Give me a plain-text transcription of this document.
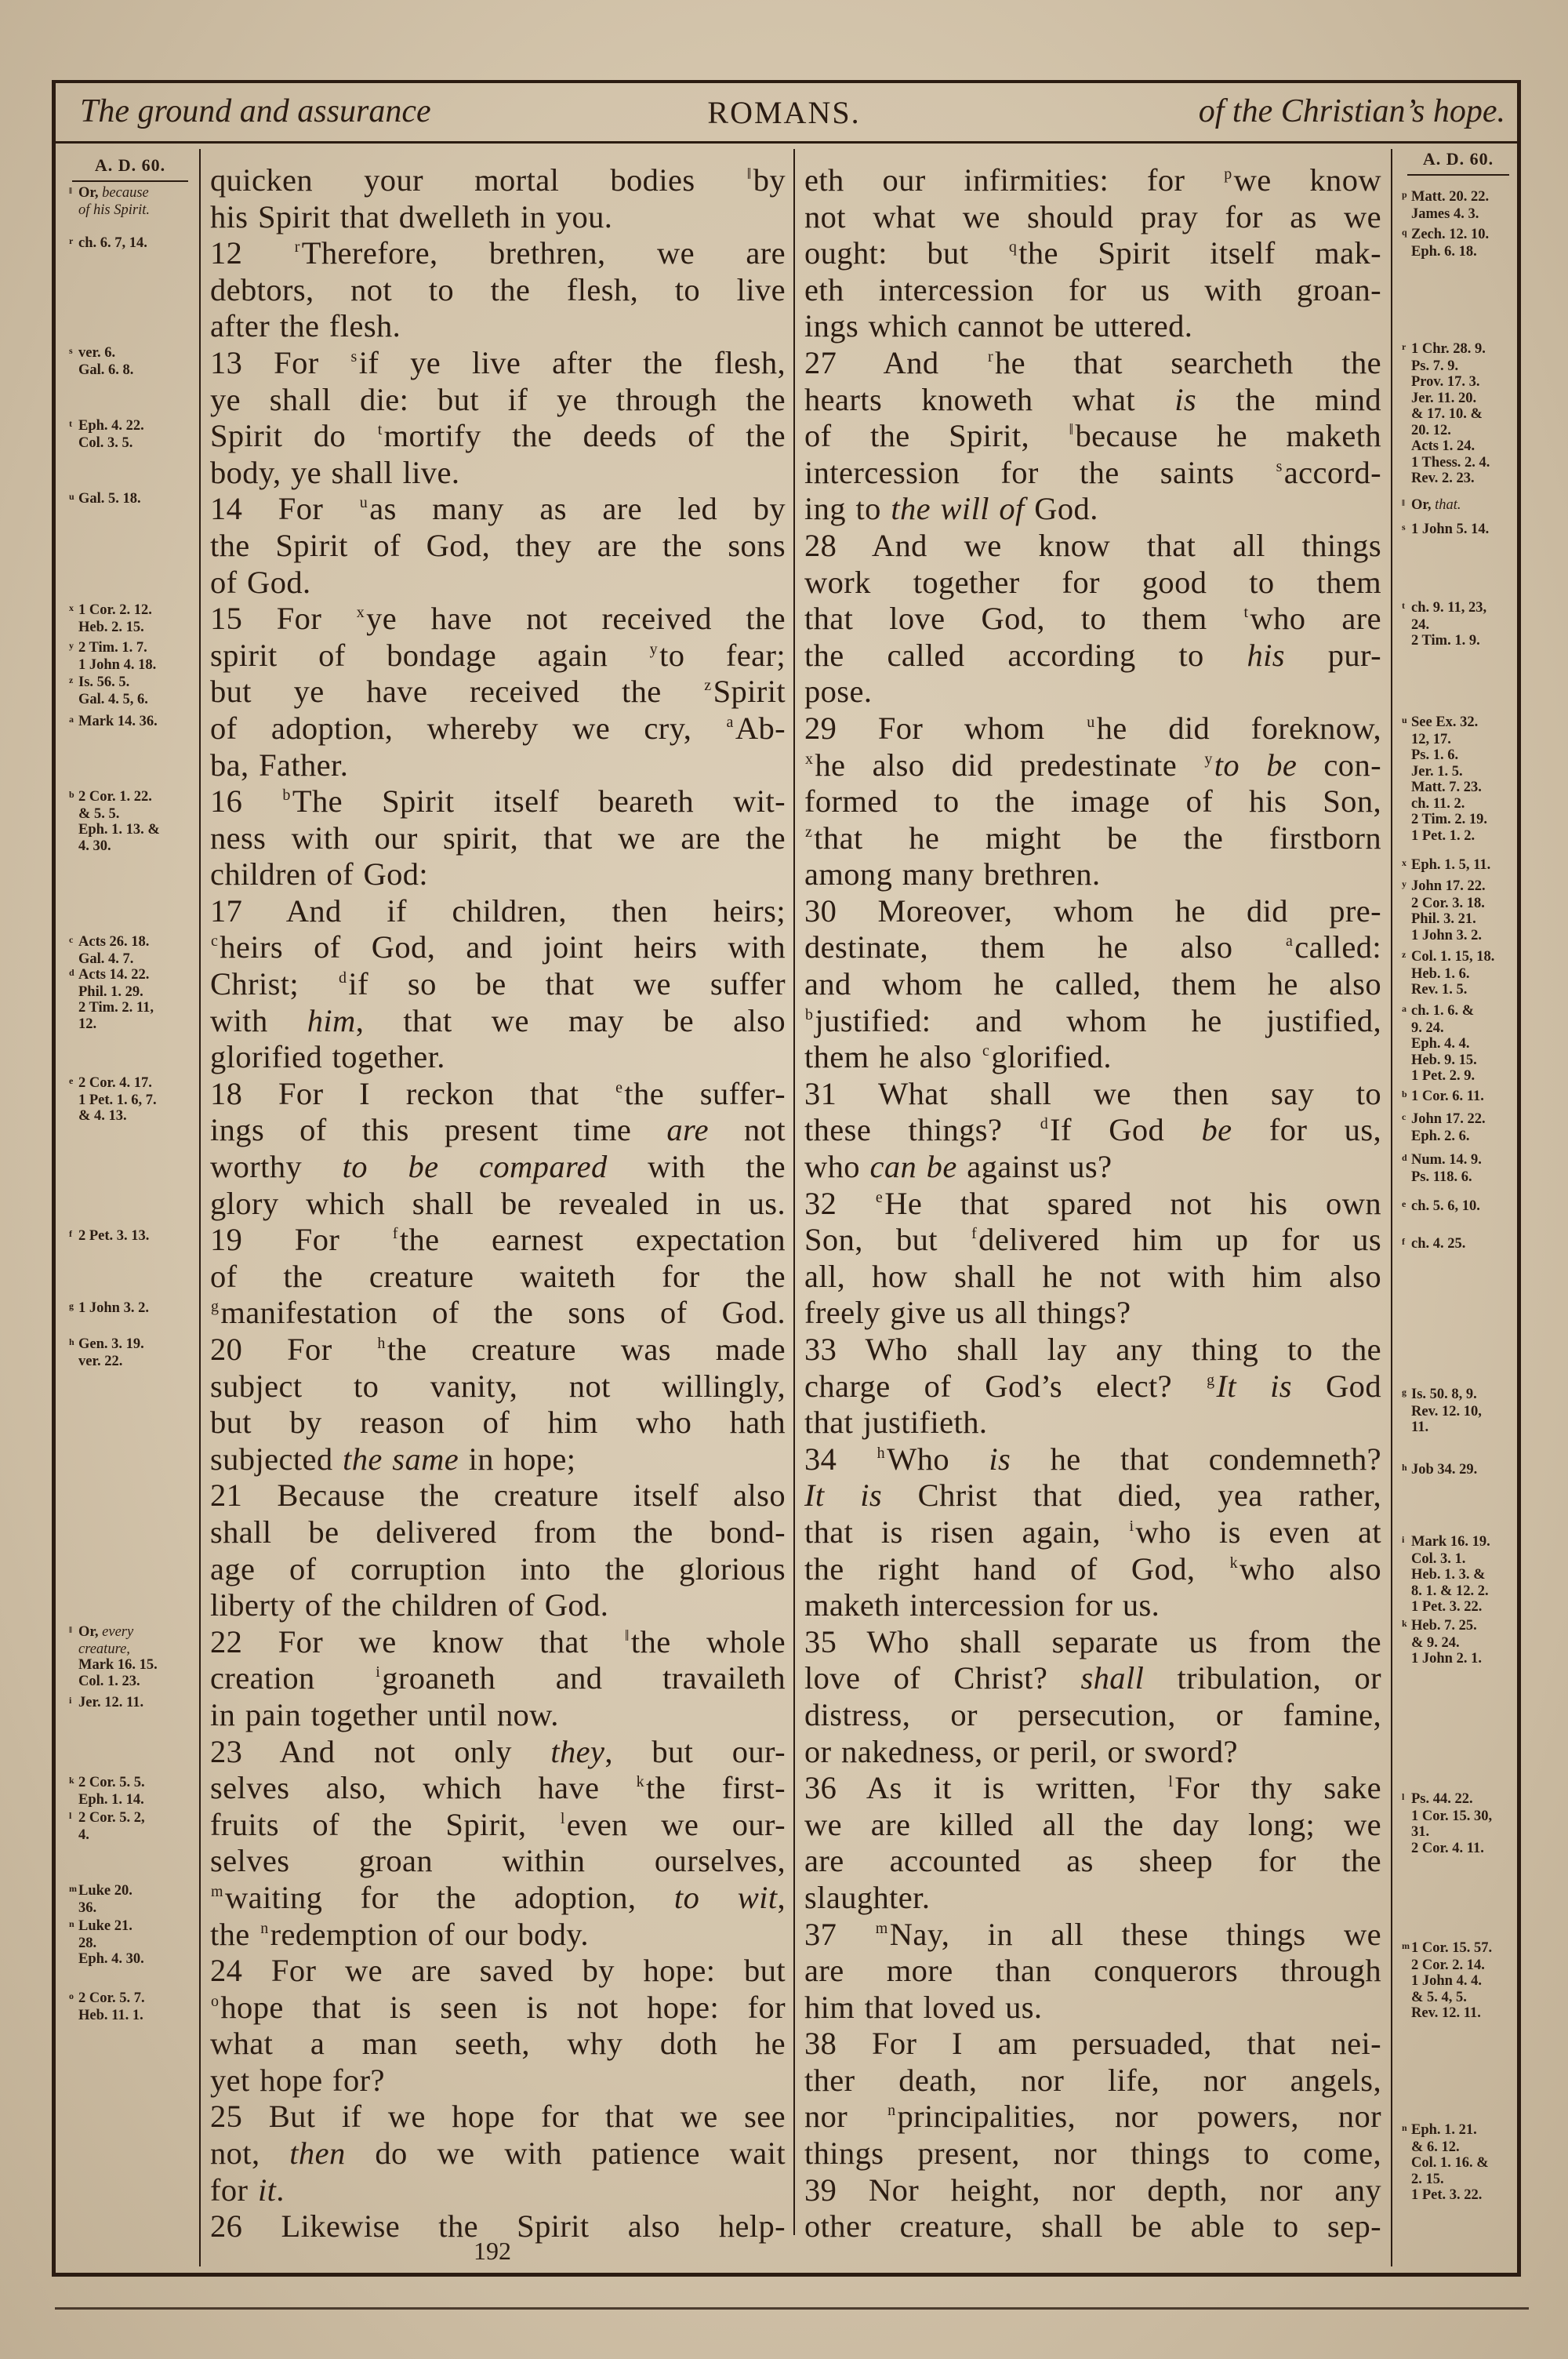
The ground and assurance	ROMANS.	of the Christian’s hope.
A. D. 60.	A. D. 60.
‖ Or, because
of his Spirit.
r ch. 6. 7, 14.
s ver. 6.
Gal. 6. 8.
t Eph. 4. 22.
Col. 3. 5.
u Gal. 5. 18.
x 1 Cor. 2. 12.
Heb. 2. 15.
y 2 Tim. 1. 7.
1 John 4. 18.
z Is. 56. 5.
Gal. 4. 5, 6.
a Mark 14. 36.
b 2 Cor. 1. 22.
& 5. 5.
Eph. 1. 13. &
4. 30.
c Acts 26. 18.
Gal. 4. 7.
d Acts 14. 22.
Phil. 1. 29.
2 Tim. 2. 11,
12.
e 2 Cor. 4. 17.
1 Pet. 1. 6, 7.
& 4. 13.
f 2 Pet. 3. 13.
g 1 John 3. 2.
h Gen. 3. 19.
ver. 22.
‖ Or, every
creature,
Mark 16. 15.
Col. 1. 23.
i Jer. 12. 11.
k 2 Cor. 5. 5.
Eph. 1. 14.
l 2 Cor. 5. 2,
4.
m Luke 20.
36.
n Luke 21.
28.
Eph. 4. 30.
o 2 Cor. 5. 7.
Heb. 11. 1.
p Matt. 20. 22.
James 4. 3.
q Zech. 12. 10.
Eph. 6. 18.
r 1 Chr. 28. 9.
Ps. 7. 9.
Prov. 17. 3.
Jer. 11. 20.
& 17. 10. &
20. 12.
Acts 1. 24.
1 Thess. 2. 4.
Rev. 2. 23.
‖ Or, that.
s 1 John 5. 14.
t ch. 9. 11, 23,
24.
2 Tim. 1. 9.
u See Ex. 32.
12, 17.
Ps. 1. 6.
Jer. 1. 5.
Matt. 7. 23.
ch. 11. 2.
2 Tim. 2. 19.
1 Pet. 1. 2.
x Eph. 1. 5, 11.
y John 17. 22.
2 Cor. 3. 18.
Phil. 3. 21.
1 John 3. 2.
z Col. 1. 15, 18.
Heb. 1. 6.
Rev. 1. 5.
a ch. 1. 6. &
9. 24.
Eph. 4. 4.
Heb. 9. 15.
1 Pet. 2. 9.
b 1 Cor. 6. 11.
c John 17. 22.
Eph. 2. 6.
d Num. 14. 9.
Ps. 118. 6.
e ch. 5. 6, 10.
f ch. 4. 25.
g Is. 50. 8, 9.
Rev. 12. 10,
11.
h Job 34. 29.
i Mark 16. 19.
Col. 3. 1.
Heb. 1. 3. &
8. 1. & 12. 2.
1 Pet. 3. 22.
k Heb. 7. 25.
& 9. 24.
1 John 2. 1.
l Ps. 44. 22.
1 Cor. 15. 30,
31.
2 Cor. 4. 11.
m 1 Cor. 15. 57.
2 Cor. 2. 14.
1 John 4. 4.
& 5. 4, 5.
Rev. 12. 11.
n Eph. 1. 21.
& 6. 12.
Col. 1. 16. &
2. 15.
1 Pet. 3. 22.
quicken your mortal bodies ‖by
his Spirit that dwelleth in you.
12 $^r$Therefore, brethren, we are
debtors, not to the flesh, to live
after the flesh.
13 For $^s$if ye live after the flesh,
ye shall die: but if ye through the
Spirit do $^t$mortify the deeds of the
body, ye shall live.
14 For $^u$as many as are led by
the Spirit of God, they are the sons
of God.
15 For $^x$ye have not received the
spirit of bondage again $^y$to fear;
but ye have received the $^z$Spirit
of adoption, whereby we cry, $^a$Ab-
ba, Father.
16 $^b$The Spirit itself beareth wit-
ness with our spirit, that we are the
children of God:
17 And if children, then heirs;
$^c$heirs of God, and joint heirs with
Christ; $^d$if so be that we suffer
with him, that we may be also
glorified together.
18 For I reckon that $^e$the suffer-
ings of this present time are not
worthy to be compared with the
glory which shall be revealed in us.
19 For $^f$the earnest expectation
of the creature waiteth for the
$^g$manifestation of the sons of God.
20 For $^h$the creature was made
subject to vanity, not willingly,
but by reason of him who hath
subjected the same in hope;
21 Because the creature itself also
shall be delivered from the bond-
age of corruption into the glorious
liberty of the children of God.
22 For we know that ‖the whole
creation $^i$groaneth and travaileth
in pain together until now.
23 And not only they, but our-
selves also, which have $^k$the first-
fruits of the Spirit, $^l$even we our-
selves groan within ourselves,
$^m$waiting for the adoption, to wit,
the $^n$redemption of our body.
24 For we are saved by hope: but
$^o$hope that is seen is not hope: for
what a man seeth, why doth he
yet hope for?
25 But if we hope for that we see
not, then do we with patience wait
for it.
26 Likewise the Spirit also help-
eth our infirmities: for $^p$we know
not what we should pray for as we
ought: but $^q$the Spirit itself mak-
eth intercession for us with groan-
ings which cannot be uttered.
27 And $^r$he that searcheth the
hearts knoweth what is the mind
of the Spirit, ‖because he maketh
intercession for the saints $^s$accord-
ing to the will of God.
28 And we know that all things
work together for good to them
that love God, to them $^t$who are
the called according to his pur-
pose.
29 For whom $^u$he did foreknow,
$^x$he also did predestinate $^y$to be con-
formed to the image of his Son,
$^z$that he might be the firstborn
among many brethren.
30 Moreover, whom he did pre-
destinate, them he also $^a$called:
and whom he called, them he also
$^b$justified: and whom he justified,
them he also $^c$glorified.
31 What shall we then say to
these things? $^d$If God be for us,
who can be against us?
32 $^e$He that spared not his own
Son, but $^f$delivered him up for us
all, how shall he not with him also
freely give us all things?
33 Who shall lay any thing to the
charge of God’s elect? $^g$It is God
that justifieth.
34 $^h$Who is he that condemneth?
It is Christ that died, yea rather,
that is risen again, $^i$who is even at
the right hand of God, $^k$who also
maketh intercession for us.
35 Who shall separate us from the
love of Christ? shall tribulation, or
distress, or persecution, or famine,
or nakedness, or peril, or sword?
36 As it is written, $^l$For thy sake
we are killed all the day long; we
are accounted as sheep for the
slaughter.
37 $^m$Nay, in all these things we
are more than conquerors through
him that loved us.
38 For I am persuaded, that nei-
ther death, nor life, nor angels,
nor $^n$principalities, nor powers, nor
things present, nor things to come,
39 Nor height, nor depth, nor any
other creature, shall be able to sep-
192
